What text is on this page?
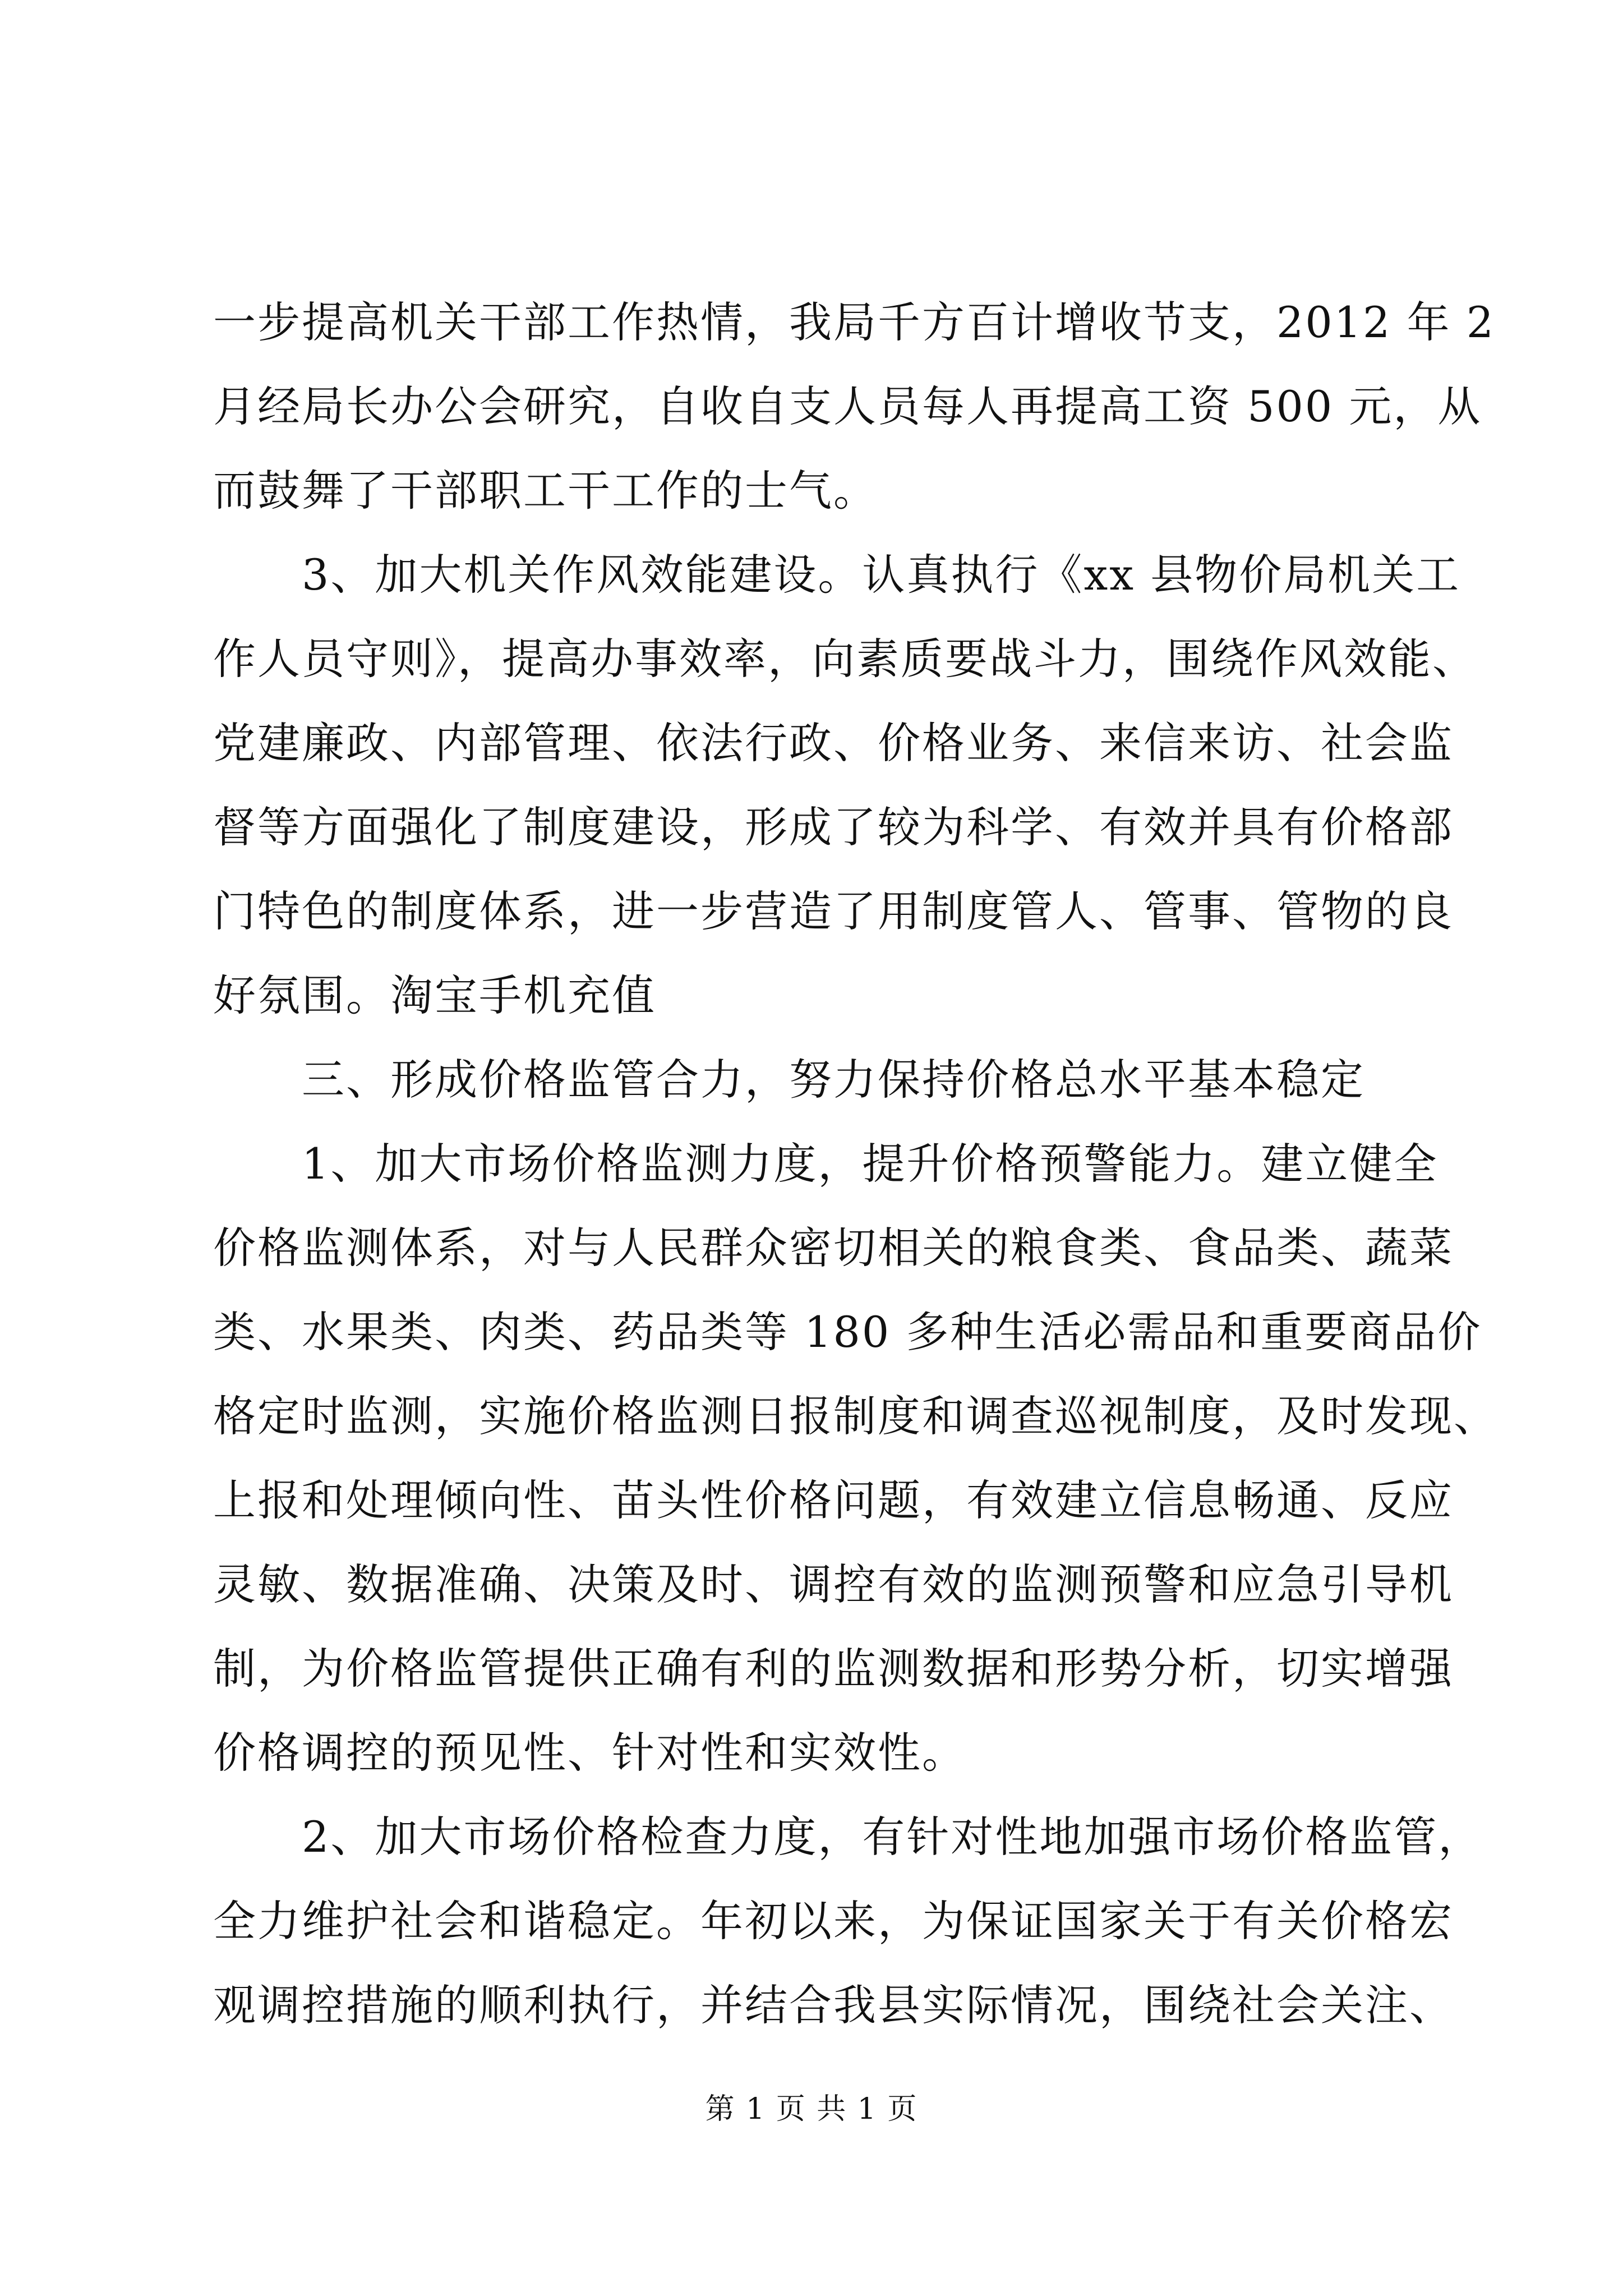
一步提高机关干部工作热情，我局千方百计增收节支，2012 年 2
月经局长办公会研究，自收自支人员每人再提高工资 500 元，从
而鼓舞了干部职工干工作的士气。
　　3、加大机关作风效能建设。认真执行《xx 县物价局机关工
作人员守则》，提高办事效率，向素质要战斗力，围绕作风效能、
党建廉政、内部管理、依法行政、价格业务、来信来访、社会监
督等方面强化了制度建设，形成了较为科学、有效并具有价格部
门特色的制度体系，进一步营造了用制度管人、管事、管物的良
好氛围。淘宝手机充值
　　三、形成价格监管合力，努力保持价格总水平基本稳定
　　1、加大市场价格监测力度，提升价格预警能力。建立健全
价格监测体系，对与人民群众密切相关的粮食类、食品类、蔬菜
类、水果类、肉类、药品类等 180 多种生活必需品和重要商品价
格定时监测，实施价格监测日报制度和调查巡视制度，及时发现、
上报和处理倾向性、苗头性价格问题，有效建立信息畅通、反应
灵敏、数据准确、决策及时、调控有效的监测预警和应急引导机
制，为价格监管提供正确有利的监测数据和形势分析，切实增强
价格调控的预见性、针对性和实效性。
　　2、加大市场价格检查力度，有针对性地加强市场价格监管，
全力维护社会和谐稳定。年初以来，为保证国家关于有关价格宏
观调控措施的顺利执行，并结合我县实际情况，围绕社会关注、
第 1 页 共 1 页
